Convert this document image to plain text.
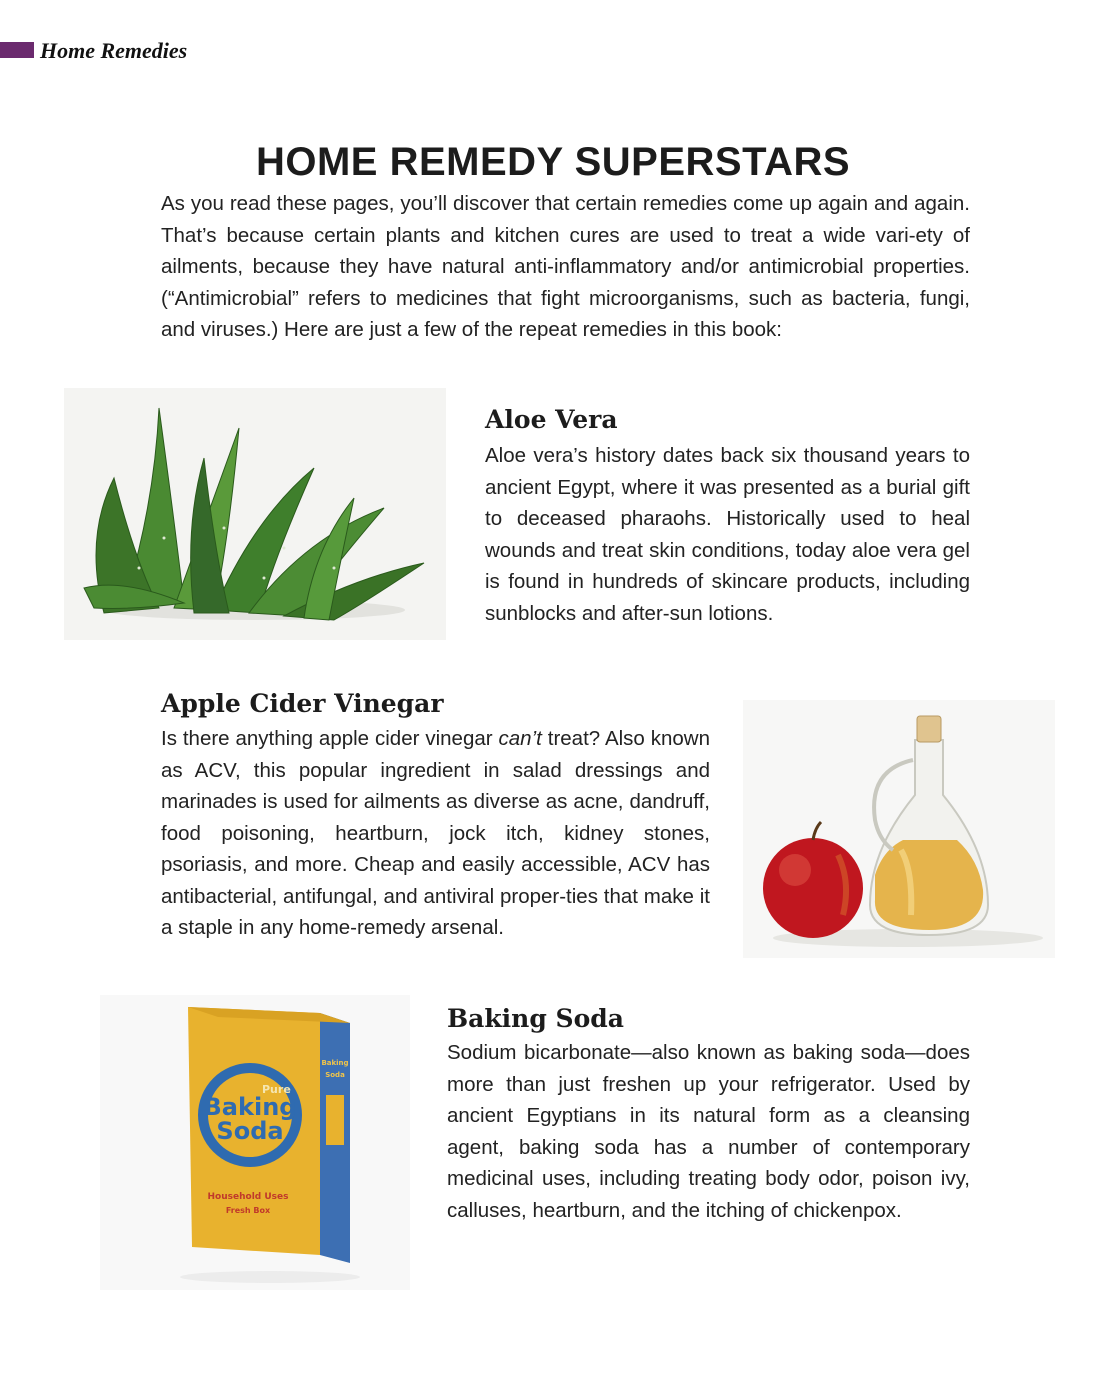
Home Remedies
HOME REMEDY SUPERSTARS

As you read these pages, you’ll discover that certain remedies come up again and again. That’s because certain plants and kitchen cures are used to treat a wide vari-ety of ailments, because they have natural anti-inflammatory and/or antimicrobial properties. (“Antimicrobial” refers to medicines that fight microorganisms, such as bacteria, fungi, and viruses.) Here are just a few of the repeat remedies in this book:

Aloe Vera

Aloe vera’s history dates back six thousand years to ancient Egypt, where it was presented as a burial gift to deceased pharaohs. Historically used to heal wounds and treat skin conditions, today aloe vera gel is found in hundreds of skincare products, including sunblocks and after-sun lotions.

Apple Cider Vinegar

Is there anything apple cider vinegar can’t treat? Also known as ACV, this popular ingredient in salad dressings and marinades is used for ailments as diverse as acne, dandruff, food poisoning, heartburn, jock itch, kidney stones, psoriasis, and more. Cheap and easily accessible, ACV has antibacterial, antifungal, and antiviral proper-ties that make it a staple in any home-remedy arsenal.

Pure
Baking
Soda
Household Uses
Fresh Box
Baking
Soda
Baking Soda

Sodium bicarbonate—also known as baking soda—does more than just freshen up your refrigerator. Used by ancient Egyptians in its natural form as a cleansing agent, baking soda has a number of contemporary medicinal uses, including treating body odor, poison ivy, calluses, heartburn, and the itching of chickenpox.
